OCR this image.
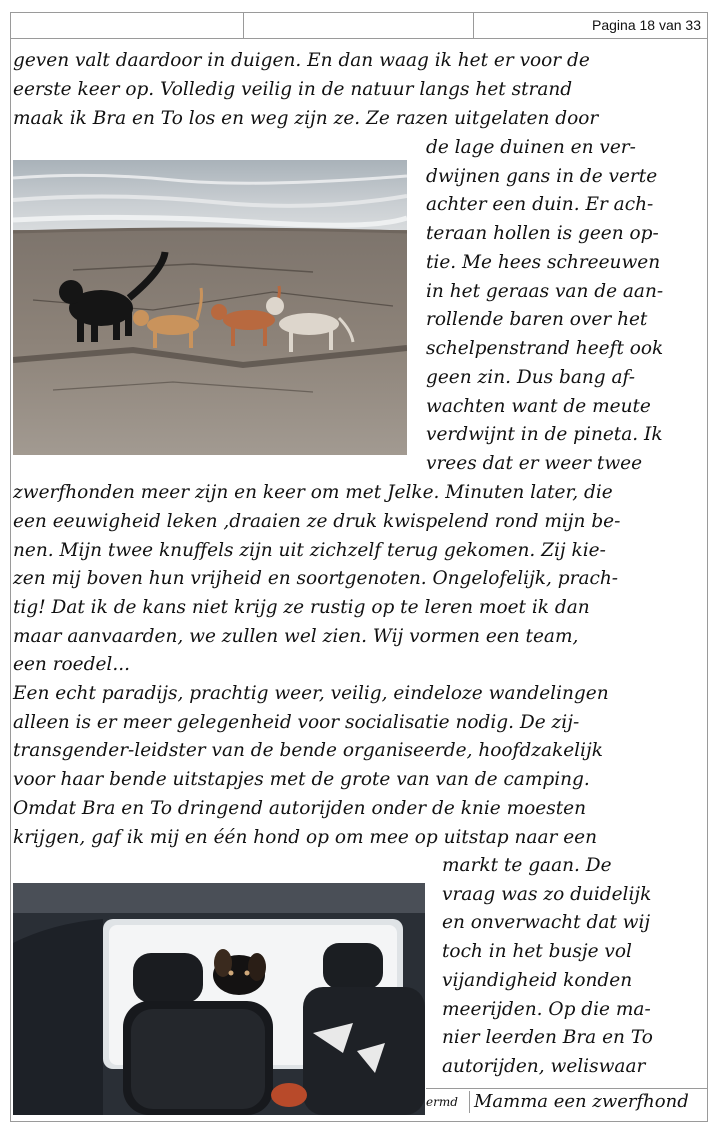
Pagina 18 van 33
geven valt daardoor in duigen. En dan waag ik het er voor de
eerste keer op. Volledig veilig in de natuur langs het strand
maak ik Bra en To los en weg zijn ze. Ze razen uitgelaten door
de lage duinen en ver-
dwijnen gans in de verte
achter een duin. Er ach-
teraan hollen is geen op-
tie. Me hees schreeuwen
in het geraas van de aan-
rollende baren over het
schelpenstrand heeft ook
geen zin. Dus bang af-
wachten want de meute
verdwijnt in de pineta. Ik
vrees dat er weer twee
zwerfhonden meer zijn en keer om met Jelke. Minuten later, die
een eeuwigheid leken ,draaien ze druk kwispelend rond mijn be-
nen. Mijn twee knuffels zijn uit zichzelf terug gekomen. Zij kie-
zen mij boven hun vrijheid en soortgenoten. Ongelofelijk, prach-
tig! Dat ik de kans niet krijg ze rustig op te leren moet ik dan
maar aanvaarden, we zullen wel zien. Wij vormen een team,
een roedel...
Een echt paradijs, prachtig weer, veilig, eindeloze wandelingen
alleen is er meer gelegenheid voor socialisatie nodig. De zij-
transgender-leidster van de bende organiseerde, hoofdzakelijk
voor haar bende uitstapjes met de grote van van de camping.
Omdat Bra en To dringend autorijden onder de knie moesten
krijgen, gaf ik mij en één hond op om mee op uitstap naar een
markt te gaan. De
vraag was zo duidelijk
en onverwacht dat wij
toch in het busje vol
vijandigheid konden
meerijden. Op die ma-
nier leerden Bra en To
autorijden, weliswaar
ermd Mamma een zwerfhond
